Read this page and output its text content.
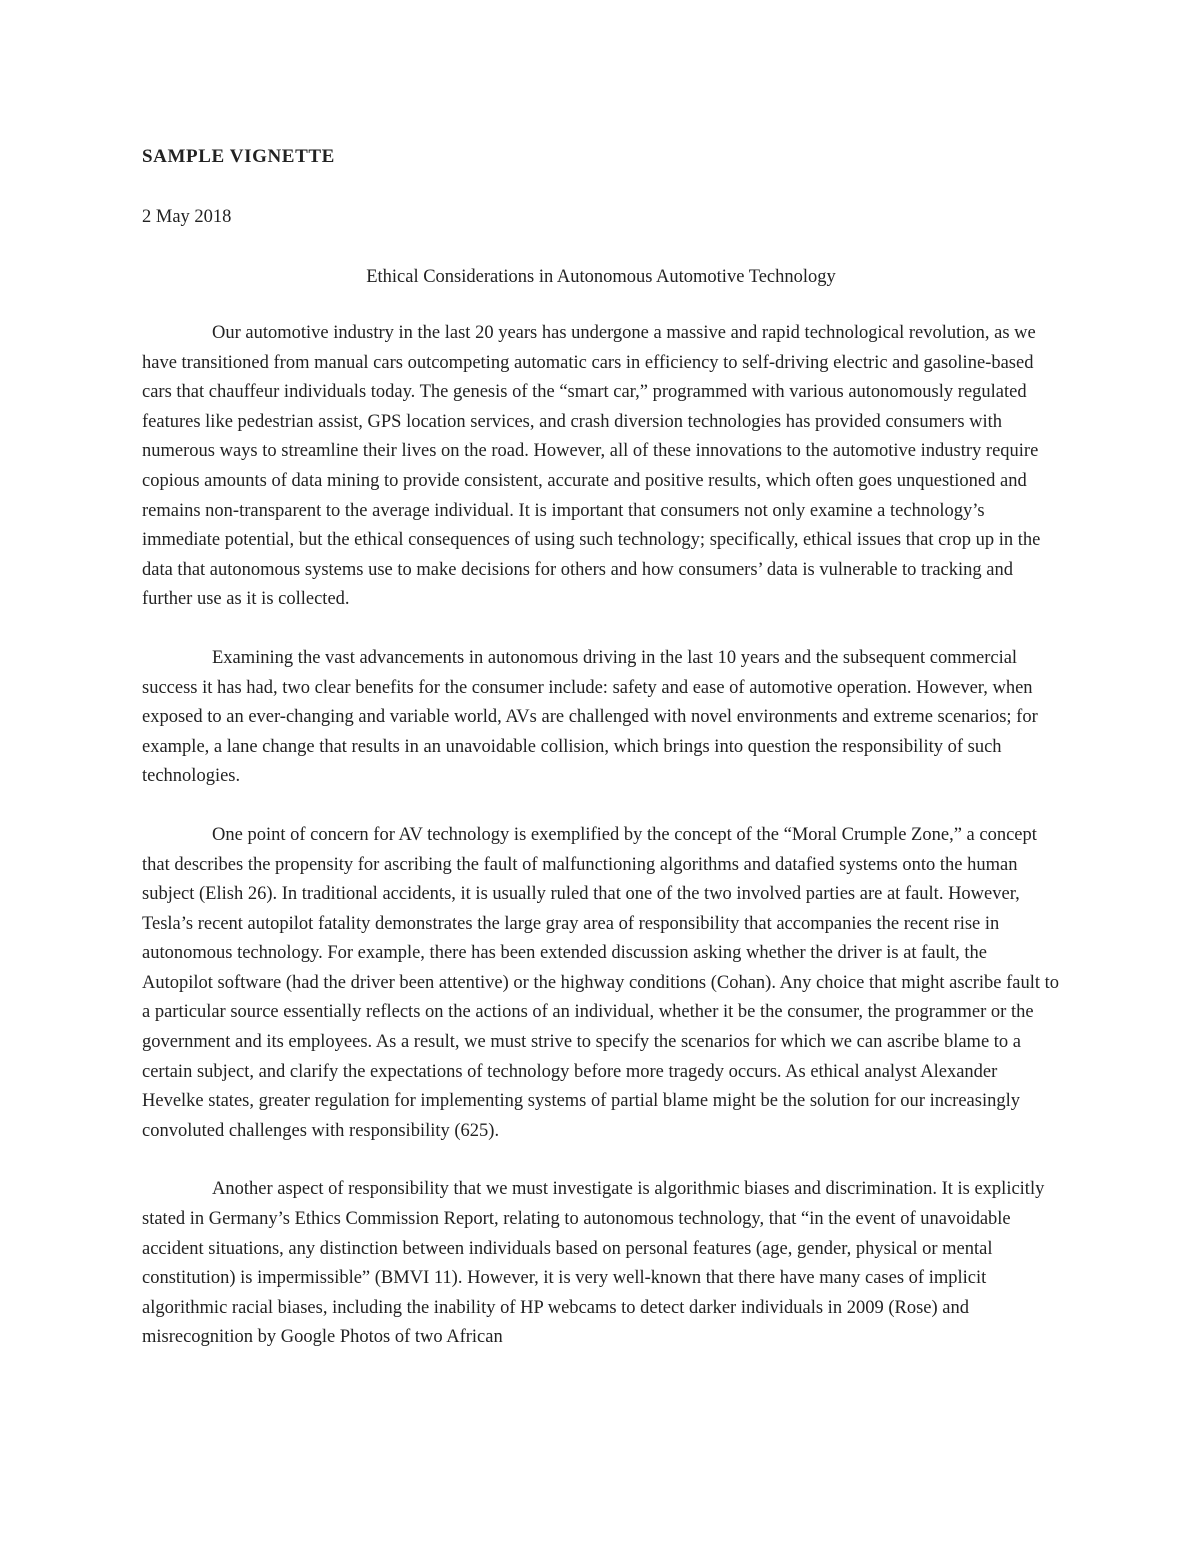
SAMPLE VIGNETTE

2 May 2018

Ethical Considerations in Autonomous Automotive Technology

Our automotive industry in the last 20 years has undergone a massive and rapid technological revolution, as we have transitioned from manual cars outcompeting automatic cars in efficiency to self-driving electric and gasoline-based cars that chauffeur individuals today. The genesis of the “smart car,” programmed with various autonomously regulated features like pedestrian assist, GPS location services, and crash diversion technologies has provided consumers with numerous ways to streamline their lives on the road. However, all of these innovations to the automotive industry require copious amounts of data mining to provide consistent, accurate and positive results, which often goes unquestioned and remains non-transparent to the average individual. It is important that consumers not only examine a technology’s immediate potential, but the ethical consequences of using such technology; specifically, ethical issues that crop up in the data that autonomous systems use to make decisions for others and how consumers’ data is vulnerable to tracking and further use as it is collected.

Examining the vast advancements in autonomous driving in the last 10 years and the subsequent commercial success it has had, two clear benefits for the consumer include: safety and ease of automotive operation. However, when exposed to an ever-changing and variable world, AVs are challenged with novel environments and extreme scenarios; for example, a lane change that results in an unavoidable collision, which brings into question the responsibility of such technologies.

One point of concern for AV technology is exemplified by the concept of the “Moral Crumple Zone,” a concept that describes the propensity for ascribing the fault of malfunctioning algorithms and datafied systems onto the human subject (Elish 26). In traditional accidents, it is usually ruled that one of the two involved parties are at fault. However, Tesla’s recent autopilot fatality demonstrates the large gray area of responsibility that accompanies the recent rise in autonomous technology. For example, there has been extended discussion asking whether the driver is at fault, the Autopilot software (had the driver been attentive) or the highway conditions (Cohan). Any choice that might ascribe fault to a particular source essentially reflects on the actions of an individual, whether it be the consumer, the programmer or the government and its employees. As a result, we must strive to specify the scenarios for which we can ascribe blame to a certain subject, and clarify the expectations of technology before more tragedy occurs. As ethical analyst Alexander Hevelke states, greater regulation for implementing systems of partial blame might be the solution for our increasingly convoluted challenges with responsibility (625).

Another aspect of responsibility that we must investigate is algorithmic biases and discrimination. It is explicitly stated in Germany’s Ethics Commission Report, relating to autonomous technology, that “in the event of unavoidable accident situations, any distinction between individuals based on personal features (age, gender, physical or mental constitution) is impermissible” (BMVI 11). However, it is very well-known that there have many cases of implicit algorithmic racial biases, including the inability of HP webcams to detect darker individuals in 2009 (Rose) and misrecognition by Google Photos of two African
